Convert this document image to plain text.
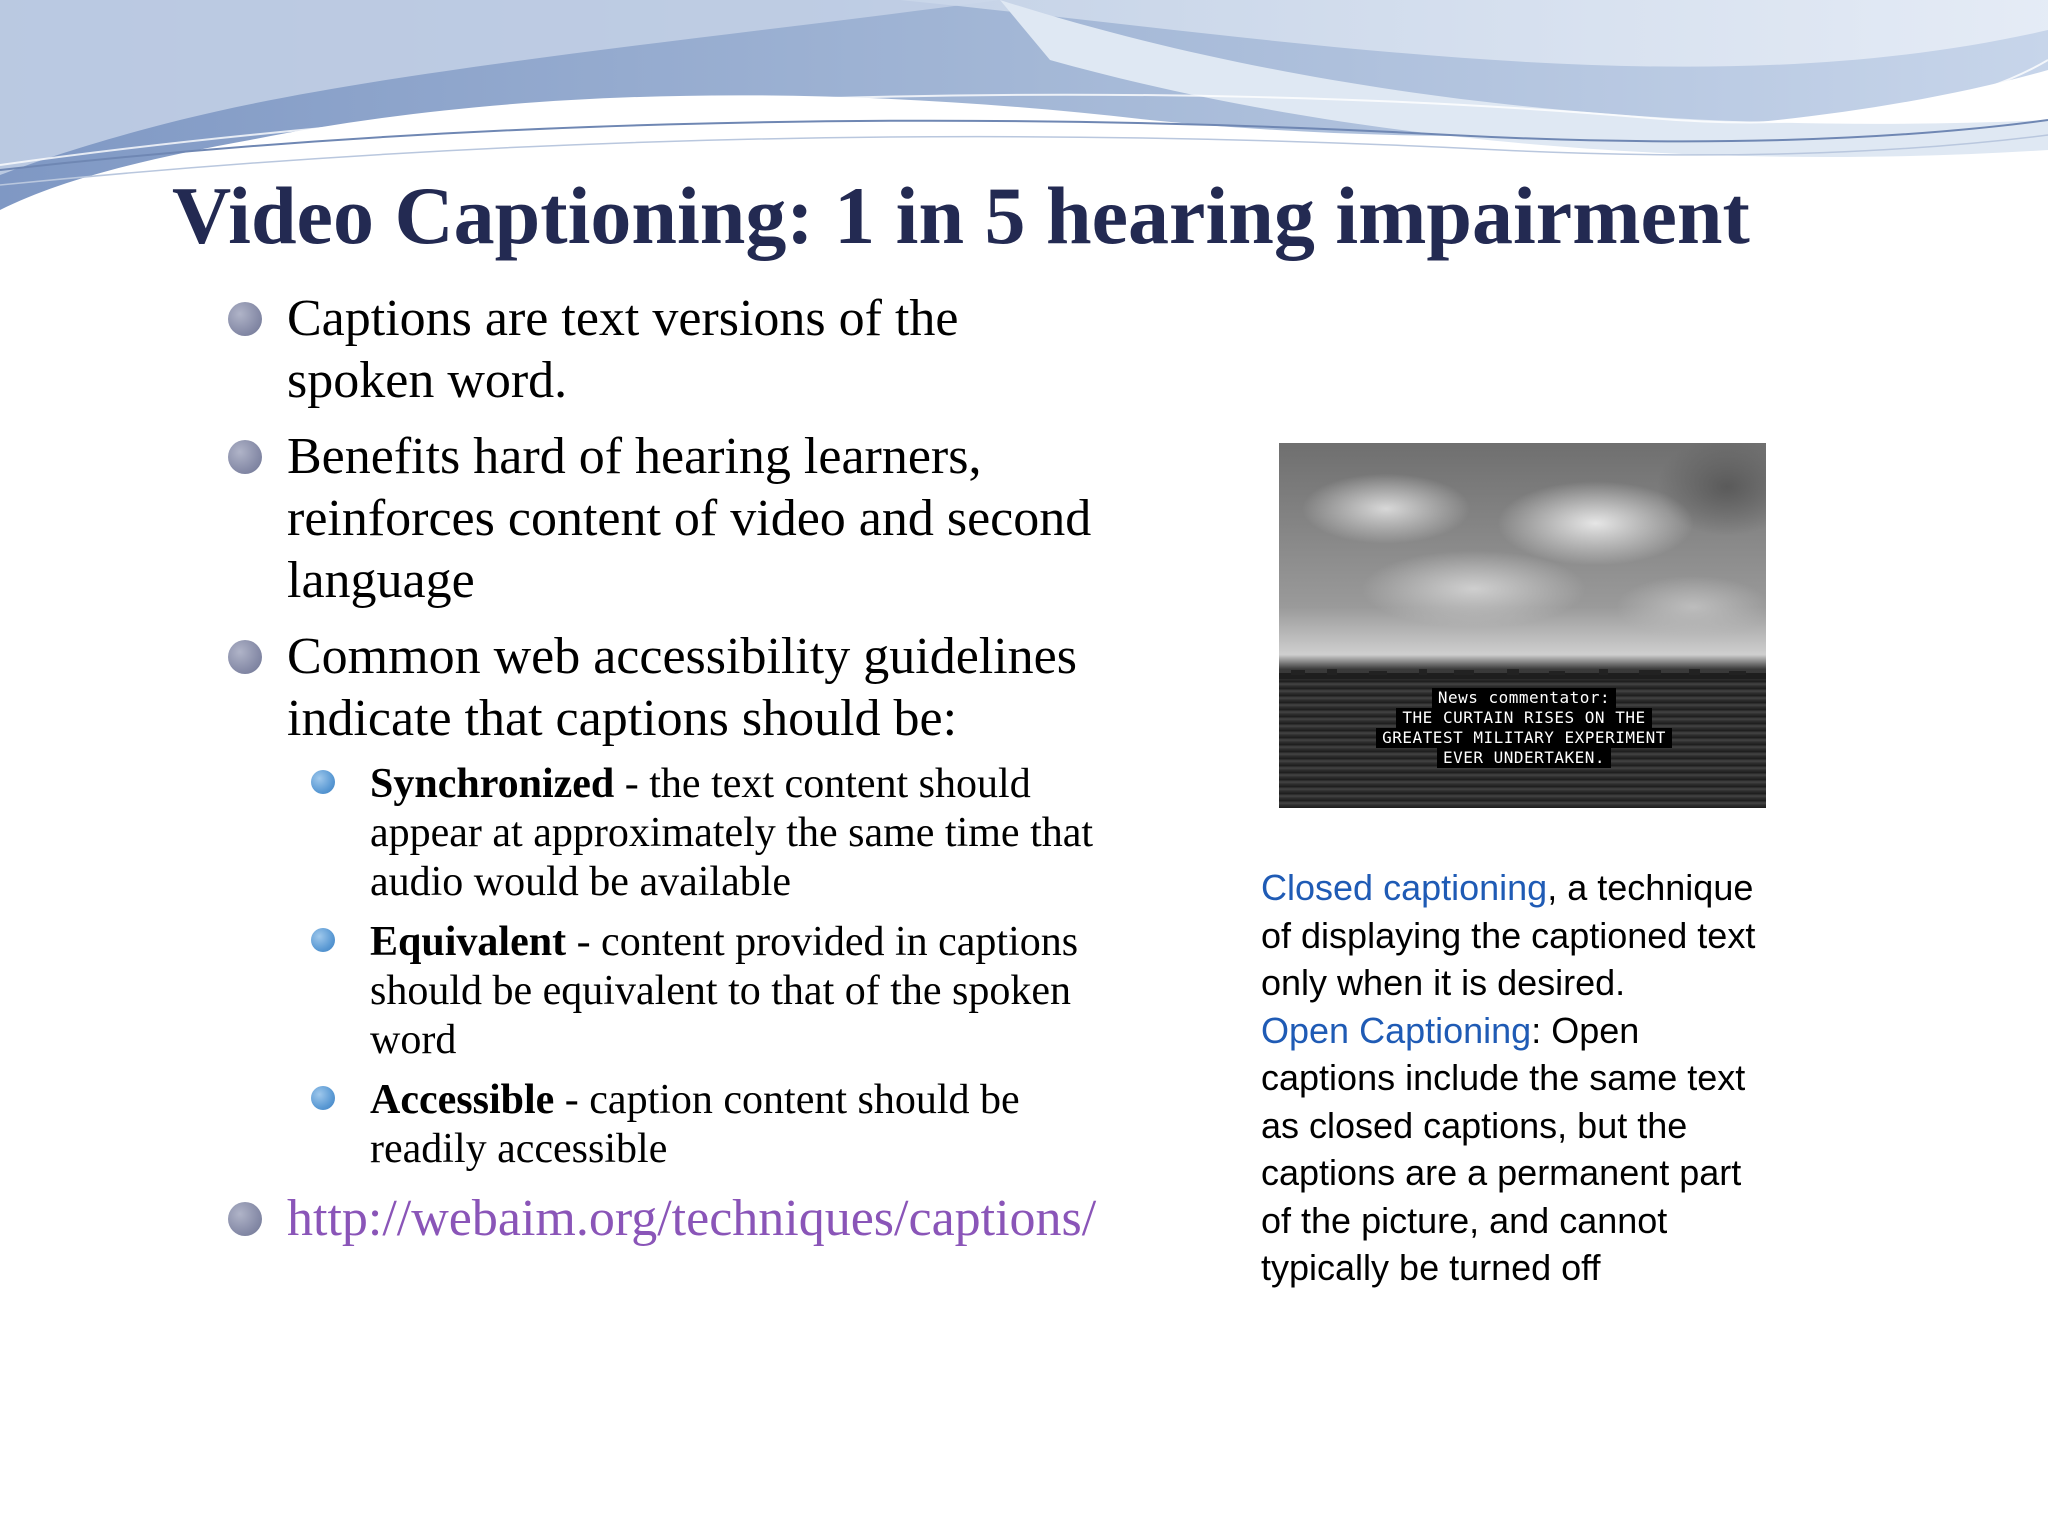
Video Captioning: 1 in 5 hearing impairment
Captions are text versions of the spoken word.
Benefits hard of hearing learners, reinforces content of video and second language
Common web accessibility guidelines indicate that captions should be:
Synchronized - the text content should appear at approximately the same time that audio would be available
Equivalent - content provided in captions should be equivalent to that of the spoken word
Accessible - caption content should be readily accessible
http://webaim.org/techniques/captions/
News commentator:
THE CURTAIN RISES ON THE
GREATEST MILITARY EXPERIMENT
EVER UNDERTAKEN.

Closed captioning, a technique of displaying the captioned text only when it is desired.

Open Captioning: Open captions include the same text as closed captions, but the captions are a permanent part of the picture, and cannot typically be turned off
